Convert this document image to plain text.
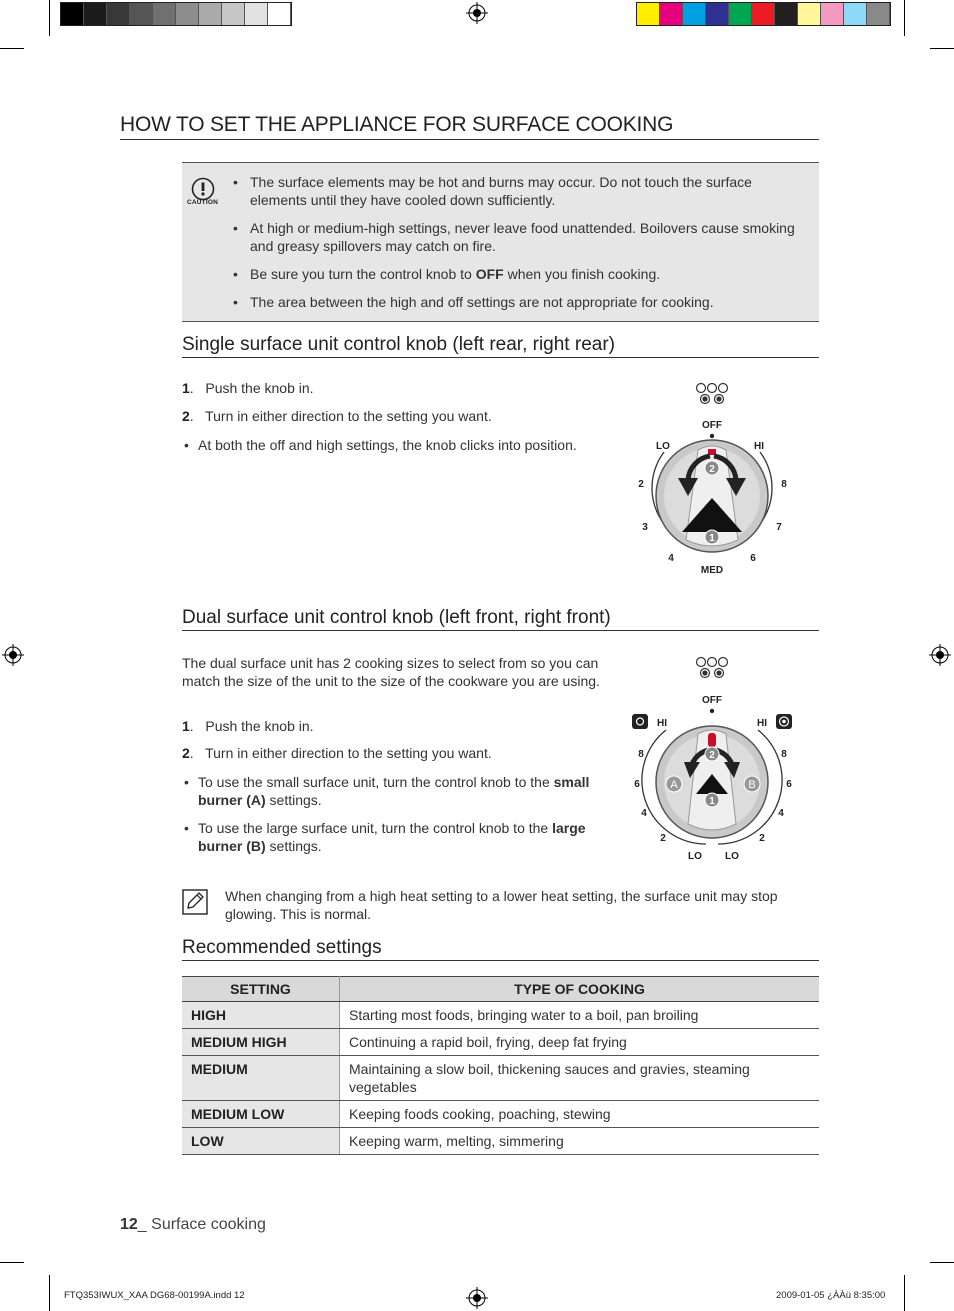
HOW TO SET THE APPLIANCE FOR SURFACE COOKING
CAUTION
• The surface elements may be hot and burns may occur. Do not touch the surface elements until they have cooled down sufficiently.
• At high or medium-high settings, never leave food unattended. Boilovers cause smoking and greasy spillovers may catch on fire.
• Be sure you turn the control knob to OFF when you finish cooking.
• The area between the high and off settings are not appropriate for cooking.
Single surface unit control knob (left rear, right rear)
1.   Push the knob in.
2.   Turn in either direction to the setting you want.
• At both the off and high settings, the knob clicks into position.
OFF
LO	HI
2	8
3	7
4	6
MED
2
1
Dual surface unit control knob (left front, right front)
The dual surface unit has 2 cooking sizes to select from so you can match the size of the unit to the size of the cookware you are using.
1.   Push the knob in.
2.   Turn in either direction to the setting you want.
• To use the small surface unit, turn the control knob to the small burner (A) settings.
• To use the large surface unit, turn the control knob to the large burner (B) settings.
OFF
HI	HI
8
6
4
2
8
6
4
2
LO LO
2
1
A	B
When changing from a high heat setting to a lower heat setting, the surface unit may stop glowing. This is normal.
Recommended settings
SETTING	TYPE OF COOKING
HIGH	Starting most foods, bringing water to a boil, pan broiling
MEDIUM HIGH	Continuing a rapid boil, frying, deep fat frying
MEDIUM	Maintaining a slow boil, thickening sauces and gravies, steaming vegetables
MEDIUM LOW	Keeping foods cooking, poaching, stewing
LOW	Keeping warm, melting, simmering
12_ Surface cooking
FTQ353IWUX_XAA DG68-00199A.indd 12	2009-01-05 ¿ÀÀü 8:35:00
